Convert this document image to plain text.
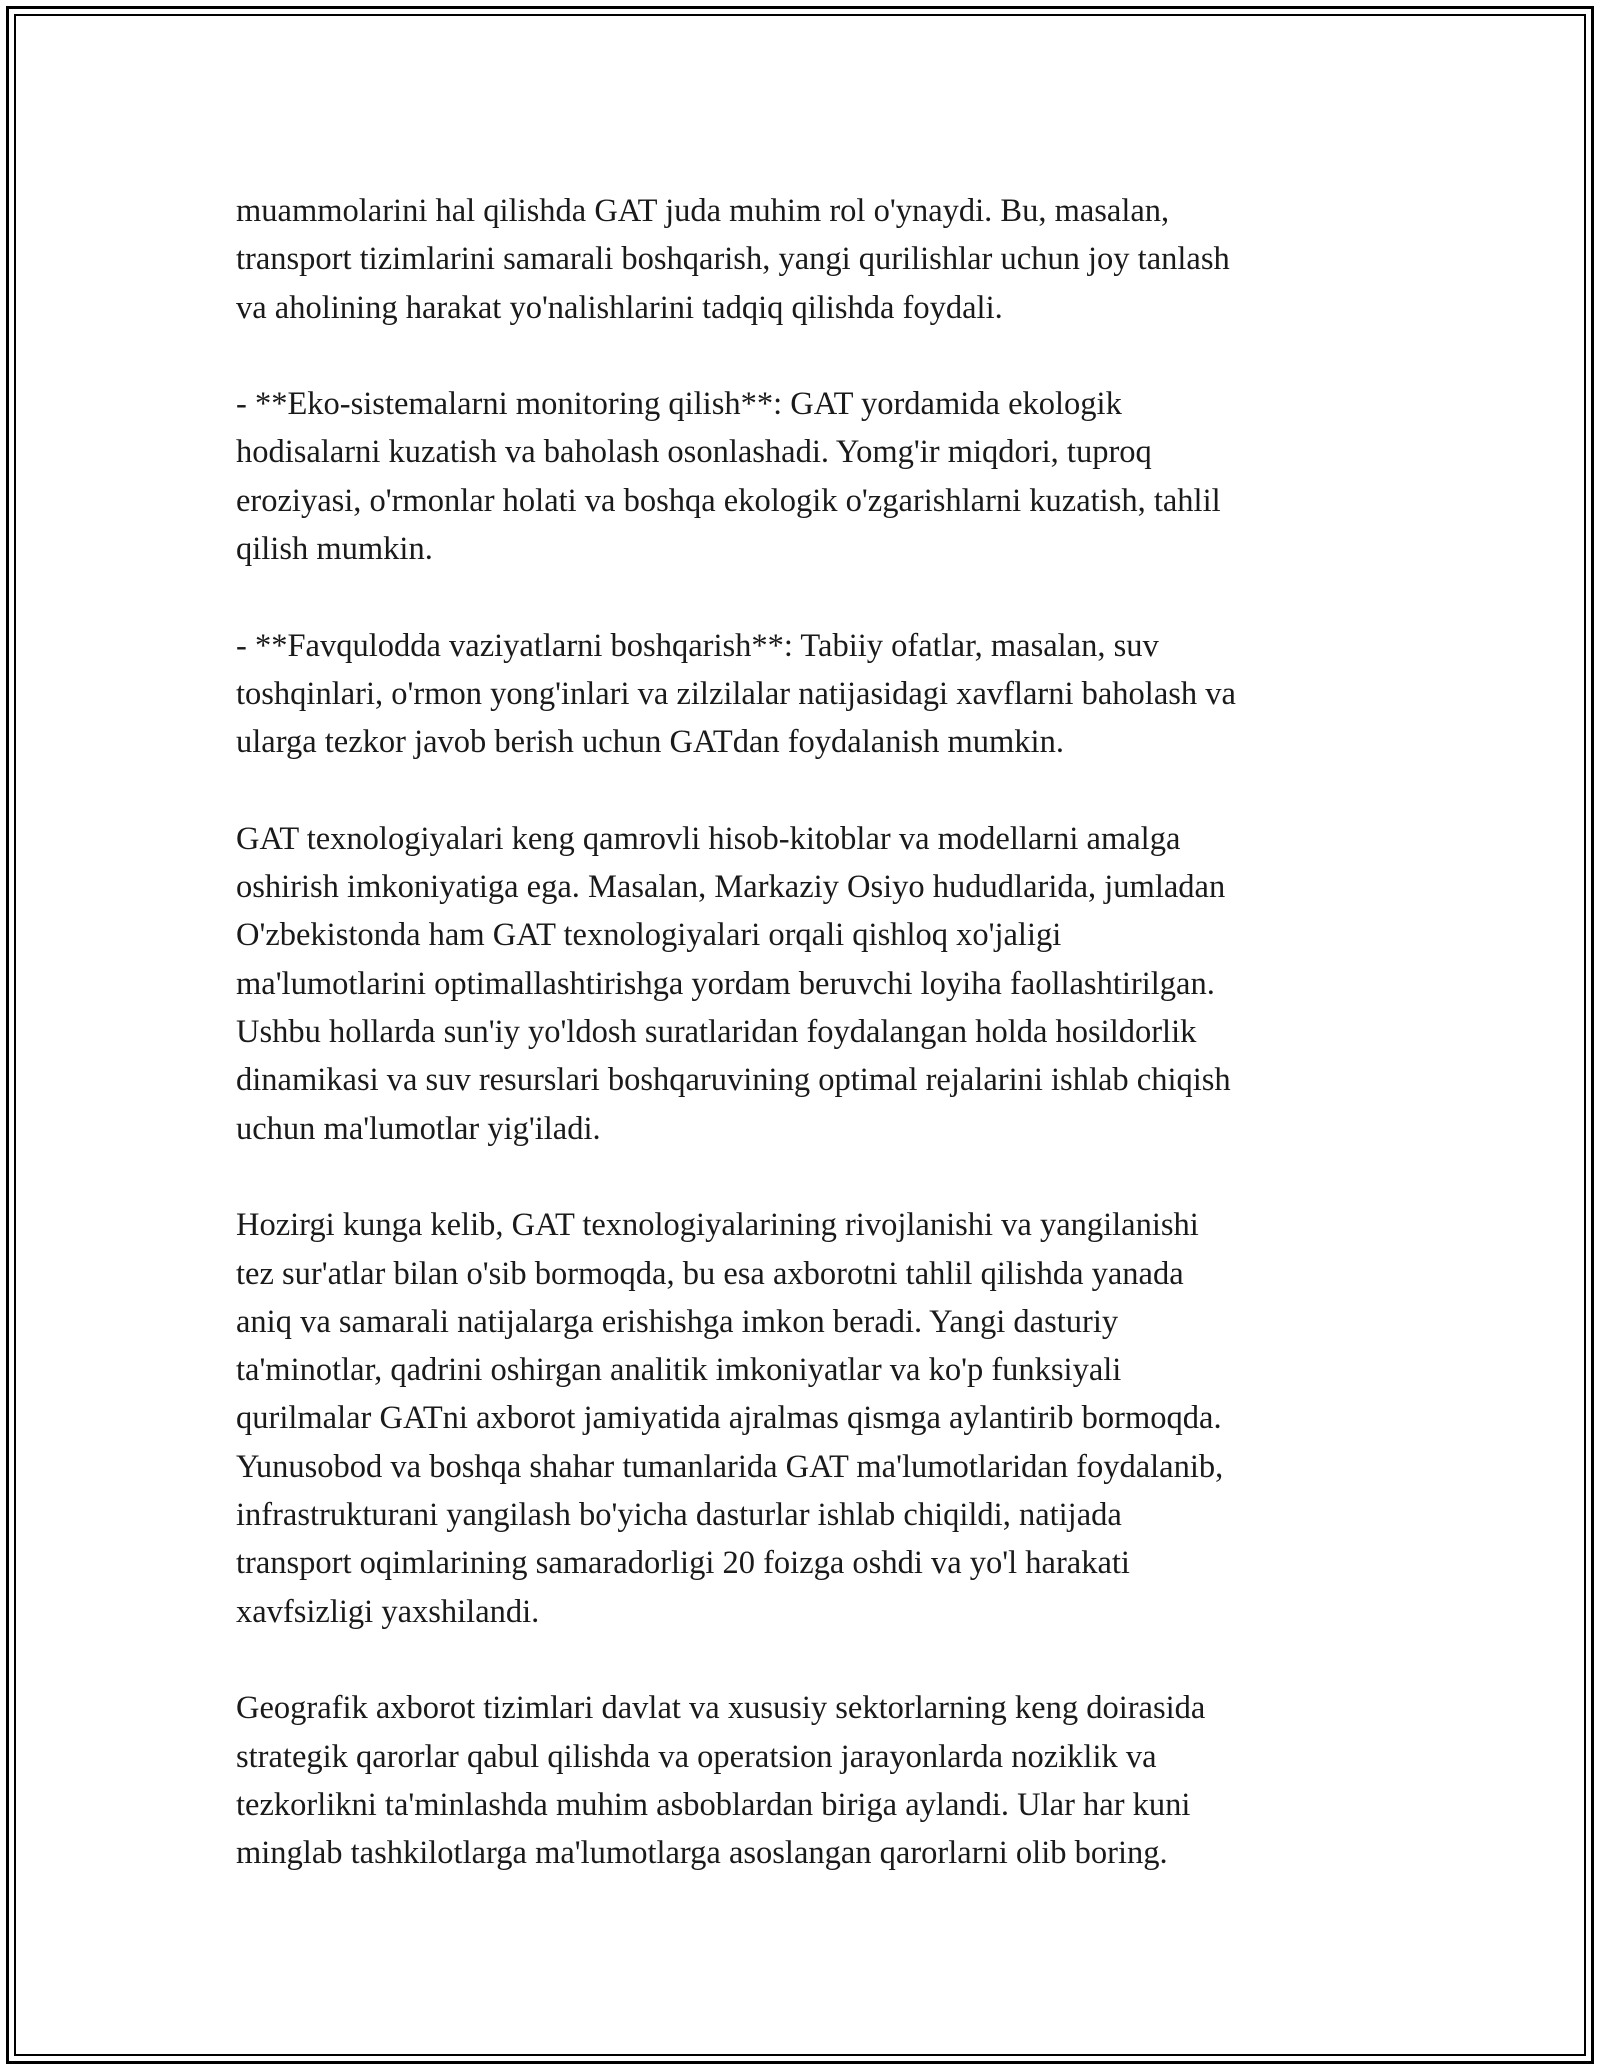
muammolarini hal qilishda GAT juda muhim rol o'ynaydi. Bu, masalan,
transport tizimlarini samarali boshqarish, yangi qurilishlar uchun joy tanlash
va aholining harakat yo'nalishlarini tadqiq qilishda foydali.

- **Eko-sistemalarni monitoring qilish**: GAT yordamida ekologik
hodisalarni kuzatish va baholash osonlashadi. Yomg'ir miqdori, tuproq
eroziyasi, o'rmonlar holati va boshqa ekologik o'zgarishlarni kuzatish, tahlil
qilish mumkin.

- **Favqulodda vaziyatlarni boshqarish**: Tabiiy ofatlar, masalan, suv
toshqinlari, o'rmon yong'inlari va zilzilalar natijasidagi xavflarni baholash va
ularga tezkor javob berish uchun GATdan foydalanish mumkin.

GAT texnologiyalari keng qamrovli hisob-kitoblar va modellarni amalga
oshirish imkoniyatiga ega. Masalan, Markaziy Osiyo hududlarida, jumladan
O'zbekistonda ham GAT texnologiyalari orqali qishloq xo'jaligi
ma'lumotlarini optimallashtirishga yordam beruvchi loyiha faollashtirilgan.
Ushbu hollarda sun'iy yo'ldosh suratlaridan foydalangan holda hosildorlik
dinamikasi va suv resurslari boshqaruvining optimal rejalarini ishlab chiqish
uchun ma'lumotlar yig'iladi.

Hozirgi kunga kelib, GAT texnologiyalarining rivojlanishi va yangilanishi
tez sur'atlar bilan o'sib bormoqda, bu esa axborotni tahlil qilishda yanada
aniq va samarali natijalarga erishishga imkon beradi. Yangi dasturiy
ta'minotlar, qadrini oshirgan analitik imkoniyatlar va ko'p funksiyali
qurilmalar GATni axborot jamiyatida ajralmas qismga aylantirib bormoqda.
Yunusobod va boshqa shahar tumanlarida GAT ma'lumotlaridan foydalanib,
infrastrukturani yangilash bo'yicha dasturlar ishlab chiqildi, natijada
transport oqimlarining samaradorligi 20 foizga oshdi va yo'l harakati
xavfsizligi yaxshilandi.

Geografik axborot tizimlari davlat va xususiy sektorlarning keng doirasida
strategik qarorlar qabul qilishda va operatsion jarayonlarda noziklik va
tezkorlikni ta'minlashda muhim asboblardan biriga aylandi. Ular har kuni
minglab tashkilotlarga ma'lumotlarga asoslangan qarorlarni olib boring.
